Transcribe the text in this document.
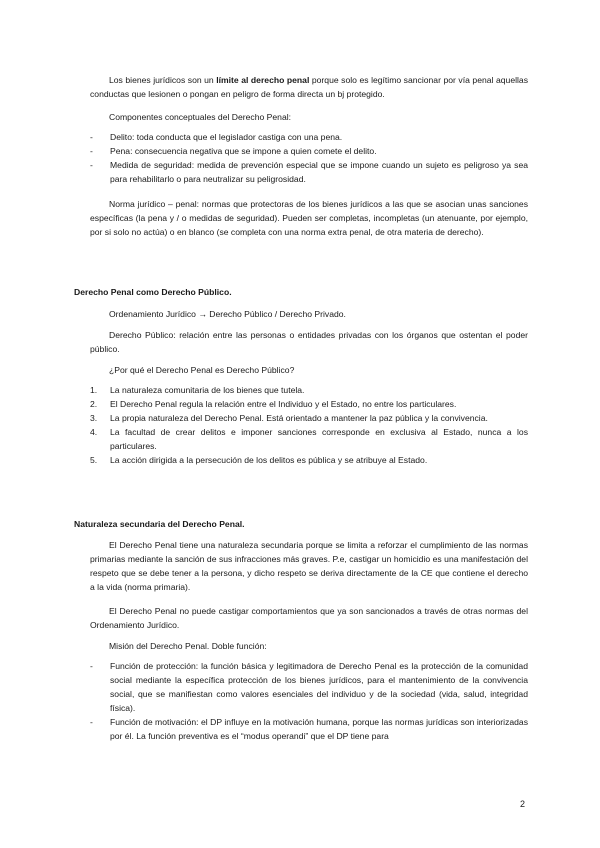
Los bienes jurídicos son un límite al derecho penal porque solo es legítimo sancionar por vía penal aquellas conductas que lesionen o pongan en peligro de forma directa un bj protegido.

Componentes conceptuales del Derecho Penal:

- Delito: toda conducta que el legislador castiga con una pena.
- Pena: consecuencia negativa que se impone a quien comete el delito.
- Medida de seguridad: medida de prevención especial que se impone cuando un sujeto es peligroso ya sea para rehabilitarlo o para neutralizar su peligrosidad.

Norma jurídico – penal: normas que protectoras de los bienes jurídicos a las que se asocian unas sanciones específicas (la pena y / o medidas de seguridad). Pueden ser completas, incompletas (un atenuante, por ejemplo, por si solo no actúa) o en blanco (se completa con una norma extra penal, de otra materia de derecho).

Derecho Penal como Derecho Público.

Ordenamiento Jurídico → Derecho Público / Derecho Privado.

Derecho Público: relación entre las personas o entidades privadas con los órganos que ostentan el poder público.

¿Por qué el Derecho Penal es Derecho Público?

1. La naturaleza comunitaria de los bienes que tutela.
2. El Derecho Penal regula la relación entre el Individuo y el Estado, no entre los particulares.
3. La propia naturaleza del Derecho Penal. Está orientado a mantener la paz pública y la convivencia.
4. La facultad de crear delitos e imponer sanciones corresponde en exclusiva al Estado, nunca a los particulares.
5. La acción dirigida a la persecución de los delitos es pública y se atribuye al Estado.

Naturaleza secundaria del Derecho Penal.

El Derecho Penal tiene una naturaleza secundaria porque se limita a reforzar el cumplimiento de las normas primarias mediante la sanción de sus infracciones más graves. P.e, castigar un homicidio es una manifestación del respeto que se debe tener a la persona, y dicho respeto se deriva directamente de la CE que contiene el derecho a la vida (norma primaria).

El Derecho Penal no puede castigar comportamientos que ya son sancionados a través de otras normas del Ordenamiento Jurídico.

Misión del Derecho Penal. Doble función:

- Función de protección: la función básica y legitimadora de Derecho Penal es la protección de la comunidad social mediante la específica protección de los bienes jurídicos, para el mantenimiento de la convivencia social, que se manifiestan como valores esenciales del individuo y de la sociedad (vida, salud, integridad física).
- Función de motivación: el DP influye en la motivación humana, porque las normas jurídicas son interiorizadas por él. La función preventiva es el “modus operandi” que el DP tiene para
2
